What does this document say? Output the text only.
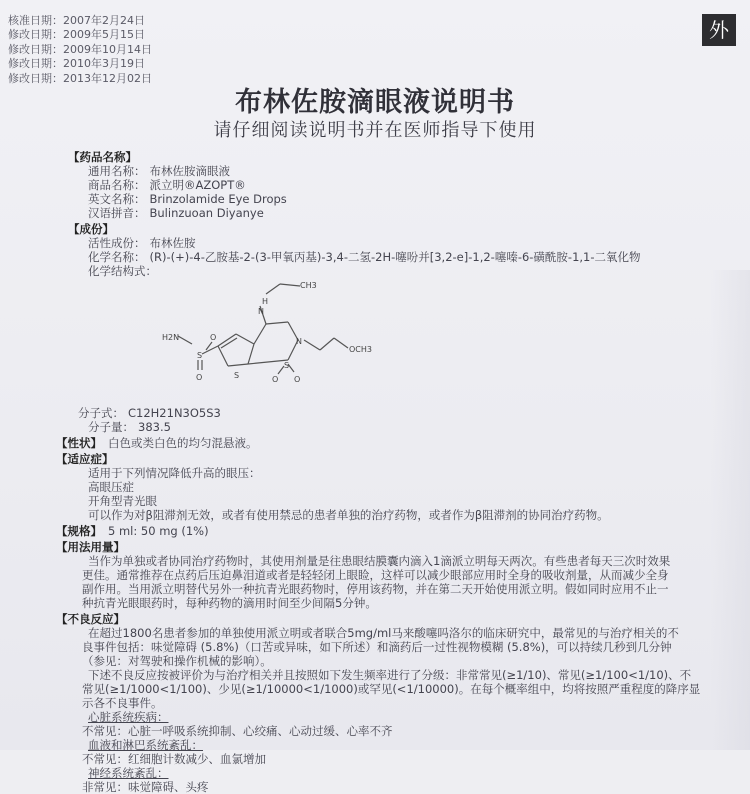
核准日期：2007年2月24日
修改日期：2009年5月15日
修改日期：2009年10月14日
修改日期：2010年3月19日
修改日期：2013年12月02日
外
布林佐胺滴眼液说明书
请仔细阅读说明书并在医师指导下使用
【药品名称】
通用名称： 布林佐胺滴眼液
商品名称： 派立明®AZOPT®
英文名称： Brinzolamide Eye Drops
汉语拼音： Bulinzuoan Diyanye
【成份】
活性成份： 布林佐胺
化学名称： (R)-(+)-4-乙胺基-2-(3-甲氧丙基)-3,4-二氢-2H-噻吩并[3,2-e]-1,2-噻嗪-6-磺酰胺-1,1-二氧化物
化学结构式：
H
N
CH3
N
OCH3
H2N
S
O
O
S
S
O
O
分子式： C12H21N3O5S3
分子量： 383.5
【性状】 白色或类白色的均匀混悬液。
【适应症】
适用于下列情况降低升高的眼压：
高眼压症
开角型青光眼
可以作为对β阻滞剂无效，或者有使用禁忌的患者单独的治疗药物，或者作为β阻滞剂的协同治疗药物。
【规格】 5 ml: 50 mg (1%)
【用法用量】
当作为单独或者协同治疗药物时，其使用剂量是往患眼结膜囊内滴入1滴派立明每天两次。有些患者每天三次时效果
更佳。通常推荐在点药后压迫鼻泪道或者是轻轻闭上眼睑，这样可以减少眼部应用时全身的吸收剂量，从而减少全身
副作用。当用派立明替代另外一种抗青光眼药物时，停用该药物，并在第二天开始使用派立明。假如同时应用不止一
种抗青光眼眼药时，每种药物的滴用时间至少间隔5分钟。
【不良反应】
在超过1800名患者参加的单独使用派立明或者联合5mg/ml马来酸噻吗洛尔的临床研究中，最常见的与治疗相关的不
良事件包括：味觉障碍 (5.8%)（口苦或异味，如下所述）和滴药后一过性视物模糊 (5.8%)，可以持续几秒到几分钟
（参见：对驾驶和操作机械的影响）。
下述不良反应按被评价为与治疗相关并且按照如下发生频率进行了分级：非常常见(≥1/10)、常见(≥1/100<1/10)、不
常见(≥1/1000<1/100)、少见(≥1/10000<1/1000)或罕见(<1/10000)。在每个概率组中，均将按照严重程度的降序显
示各不良事件。
心脏系统疾病：
不常见：心脏一呼吸系统抑制、心绞痛、心动过缓、心率不齐
血液和淋巴系统紊乱：
不常见：红细胞计数减少、血氯增加
神经系统紊乱：
非常见：味觉障碍、头疼
